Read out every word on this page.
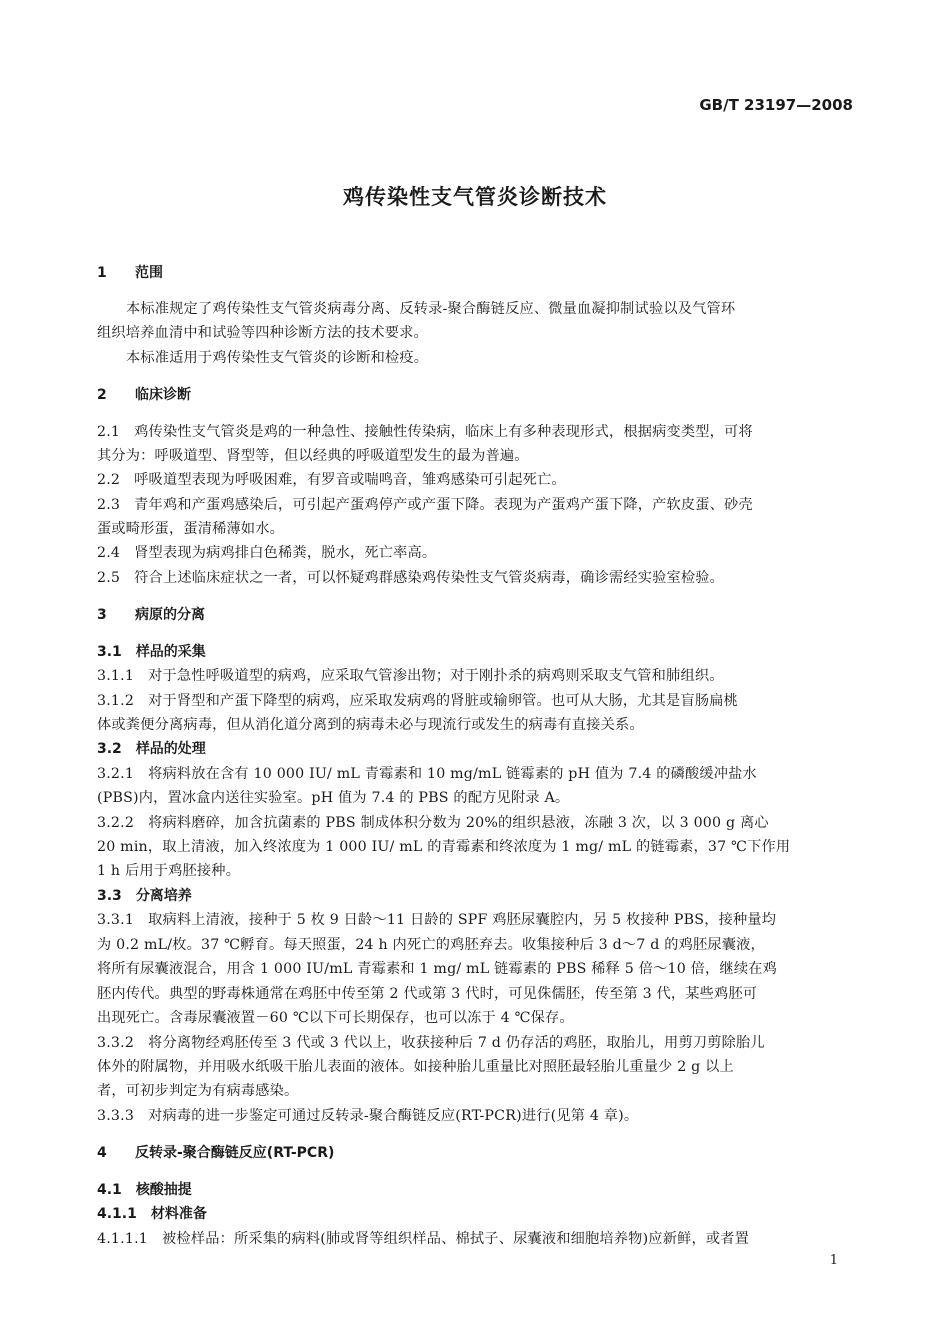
GB/T 23197—2008
鸡传染性支气管炎诊断技术
1 范围
本标准规定了鸡传染性支气管炎病毒分离、反转录-聚合酶链反应、微量血凝抑制试验以及气管环
组织培养血清中和试验等四种诊断方法的技术要求。
本标准适用于鸡传染性支气管炎的诊断和检疫。
2 临床诊断
2.1 鸡传染性支气管炎是鸡的一种急性、接触性传染病，临床上有多种表现形式，根据病变类型，可将
其分为：呼吸道型、肾型等，但以经典的呼吸道型发生的最为普遍。
2.2 呼吸道型表现为呼吸困难，有罗音或喘鸣音，雏鸡感染可引起死亡。
2.3 青年鸡和产蛋鸡感染后，可引起产蛋鸡停产或产蛋下降。表现为产蛋鸡产蛋下降，产软皮蛋、砂壳
蛋或畸形蛋，蛋清稀薄如水。
2.4 肾型表现为病鸡排白色稀粪，脱水，死亡率高。
2.5 符合上述临床症状之一者，可以怀疑鸡群感染鸡传染性支气管炎病毒，确诊需经实验室检验。
3 病原的分离
3.1 样品的采集
3.1.1 对于急性呼吸道型的病鸡，应采取气管渗出物；对于刚扑杀的病鸡则采取支气管和肺组织。
3.1.2 对于肾型和产蛋下降型的病鸡，应采取发病鸡的肾脏或输卵管。也可从大肠，尤其是盲肠扁桃
体或粪便分离病毒，但从消化道分离到的病毒未必与现流行或发生的病毒有直接关系。
3.2 样品的处理
3.2.1 将病料放在含有 10 000 IU/ mL 青霉素和 10 mg/mL 链霉素的 pH 值为 7.4 的磷酸缓冲盐水
(PBS)内，置冰盒内送往实验室。pH 值为 7.4 的 PBS 的配方见附录 A。
3.2.2 将病料磨碎，加含抗菌素的 PBS 制成体积分数为 20%的组织悬液，冻融 3 次，以 3 000 g 离心
20 min，取上清液，加入终浓度为 1 000 IU/ mL 的青霉素和终浓度为 1 mg/ mL 的链霉素，37 ℃下作用
1 h 后用于鸡胚接种。
3.3 分离培养
3.3.1 取病料上清液，接种于 5 枚 9 日龄～11 日龄的 SPF 鸡胚尿囊腔内，另 5 枚接种 PBS，接种量均
为 0.2 mL/枚。37 ℃孵育。每天照蛋，24 h 内死亡的鸡胚弃去。收集接种后 3 d～7 d 的鸡胚尿囊液，
将所有尿囊液混合，用含 1 000 IU/mL 青霉素和 1 mg/ mL 链霉素的 PBS 稀释 5 倍～10 倍，继续在鸡
胚内传代。典型的野毒株通常在鸡胚中传至第 2 代或第 3 代时，可见侏儒胚，传至第 3 代，某些鸡胚可
出现死亡。含毒尿囊液置－60 ℃以下可长期保存，也可以冻于 4 ℃保存。
3.3.2 将分离物经鸡胚传至 3 代或 3 代以上，收获接种后 7 d 仍存活的鸡胚，取胎儿，用剪刀剪除胎儿
体外的附属物，并用吸水纸吸干胎儿表面的液体。如接种胎儿重量比对照胚最轻胎儿重量少 2 g 以上
者，可初步判定为有病毒感染。
3.3.3 对病毒的进一步鉴定可通过反转录-聚合酶链反应(RT-PCR)进行(见第 4 章)。
4 反转录-聚合酶链反应(RT-PCR)
4.1 核酸抽提
4.1.1 材料准备
4.1.1.1 被检样品：所采集的病料(肺或肾等组织样品、棉拭子、尿囊液和细胞培养物)应新鲜，或者置
1
